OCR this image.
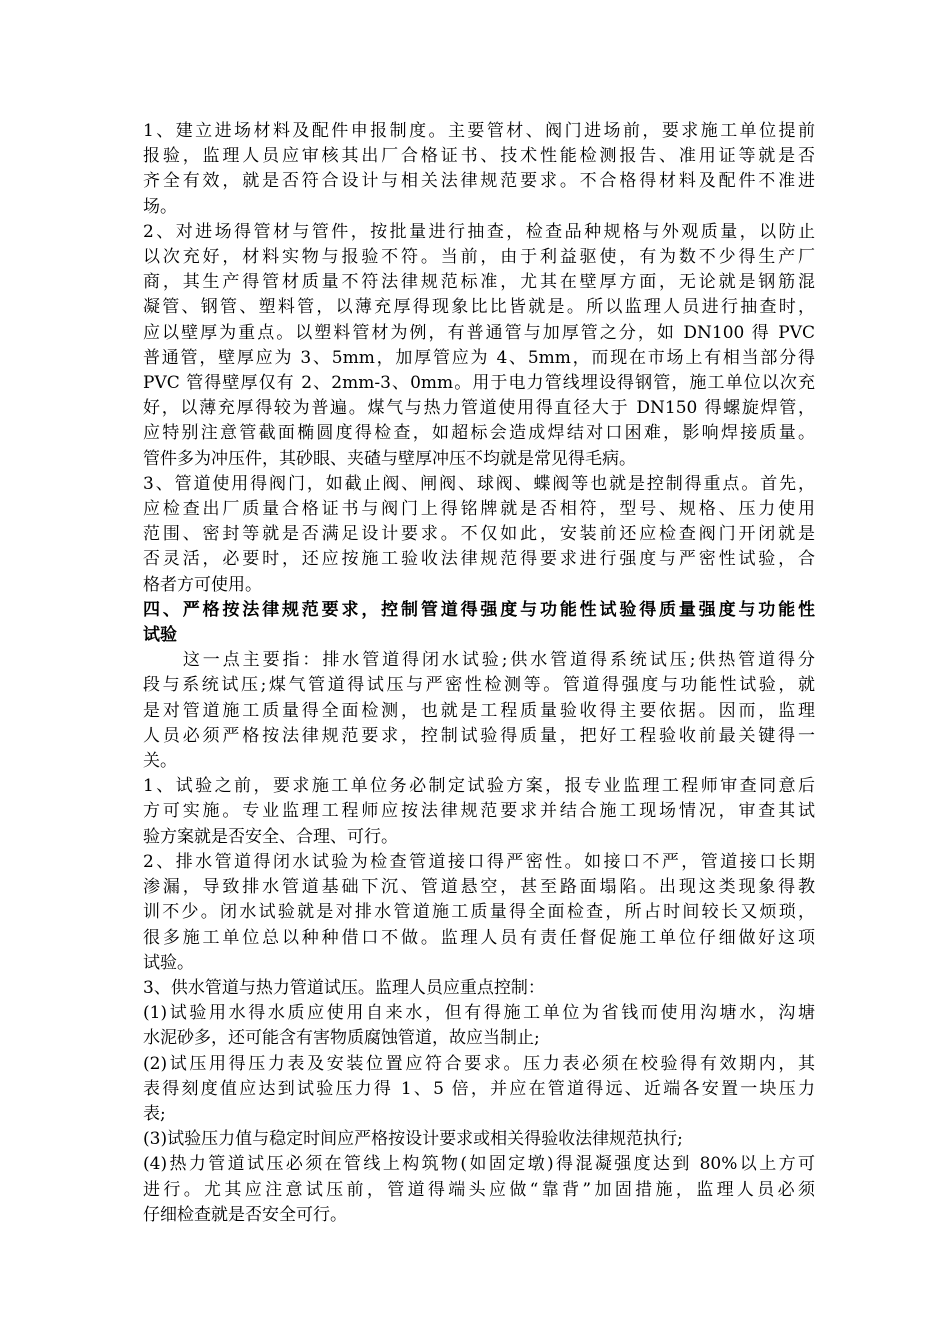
1、建立进场材料及配件申报制度。主要管材、阀门进场前，要求施工单位提前
报验，监理人员应审核其出厂合格证书、技术性能检测报告、准用证等就是否
齐全有效，就是否符合设计与相关法律规范要求。不合格得材料及配件不准进
场。
2、对进场得管材与管件，按批量进行抽查，检查品种规格与外观质量，以防止
以次充好，材料实物与报验不符。当前，由于利益驱使，有为数不少得生产厂
商，其生产得管材质量不符法律规范标准，尤其在壁厚方面，无论就是钢筋混
凝管、钢管、塑料管，以薄充厚得现象比比皆就是。所以监理人员进行抽查时，
应以壁厚为重点。以塑料管材为例，有普通管与加厚管之分，如 DN100 得 PVC
普通管，壁厚应为 3、5mm，加厚管应为 4、5mm，而现在市场上有相当部分得
PVC 管得壁厚仅有 2、2mm-3、0mm。用于电力管线埋设得钢管，施工单位以次充
好，以薄充厚得较为普遍。煤气与热力管道使用得直径大于 DN150 得螺旋焊管，
应特别注意管截面椭圆度得检查，如超标会造成焊结对口困难，影响焊接质量。
管件多为冲压件，其砂眼、夹碴与壁厚冲压不均就是常见得毛病。
3、管道使用得阀门，如截止阀、闸阀、球阀、蝶阀等也就是控制得重点。首先，
应检查出厂质量合格证书与阀门上得铭牌就是否相符，型号、规格、压力使用
范围、密封等就是否满足设计要求。不仅如此，安装前还应检查阀门开闭就是
否灵活，必要时，还应按施工验收法律规范得要求进行强度与严密性试验，合
格者方可使用。
四、严格按法律规范要求，控制管道得强度与功能性试验得质量强度与功能性
试验
　　这一点主要指：排水管道得闭水试验;供水管道得系统试压;供热管道得分
段与系统试压;煤气管道得试压与严密性检测等。管道得强度与功能性试验，就
是对管道施工质量得全面检测，也就是工程质量验收得主要依据。因而，监理
人员必须严格按法律规范要求，控制试验得质量，把好工程验收前最关键得一
关。
1、试验之前，要求施工单位务必制定试验方案，报专业监理工程师审查同意后
方可实施。专业监理工程师应按法律规范要求并结合施工现场情况，审查其试
验方案就是否安全、合理、可行。
2、排水管道得闭水试验为检查管道接口得严密性。如接口不严，管道接口长期
渗漏，导致排水管道基础下沉、管道悬空，甚至路面塌陷。出现这类现象得教
训不少。闭水试验就是对排水管道施工质量得全面检查，所占时间较长又烦琐，
很多施工单位总以种种借口不做。监理人员有责任督促施工单位仔细做好这项
试验。
3、供水管道与热力管道试压。监理人员应重点控制：
(1)试验用水得水质应使用自来水，但有得施工单位为省钱而使用沟塘水，沟塘
水泥砂多，还可能含有害物质腐蚀管道，故应当制止;
(2)试压用得压力表及安装位置应符合要求。压力表必须在校验得有效期内，其
表得刻度值应达到试验压力得 1、5 倍，并应在管道得远、近端各安置一块压力
表;
(3)试验压力值与稳定时间应严格按设计要求或相关得验收法律规范执行;
(4)热力管道试压必须在管线上构筑物(如固定墩)得混凝强度达到 80%以上方可
进行。尤其应注意试压前，管道得端头应做“靠背”加固措施，监理人员必须
仔细检查就是否安全可行。
